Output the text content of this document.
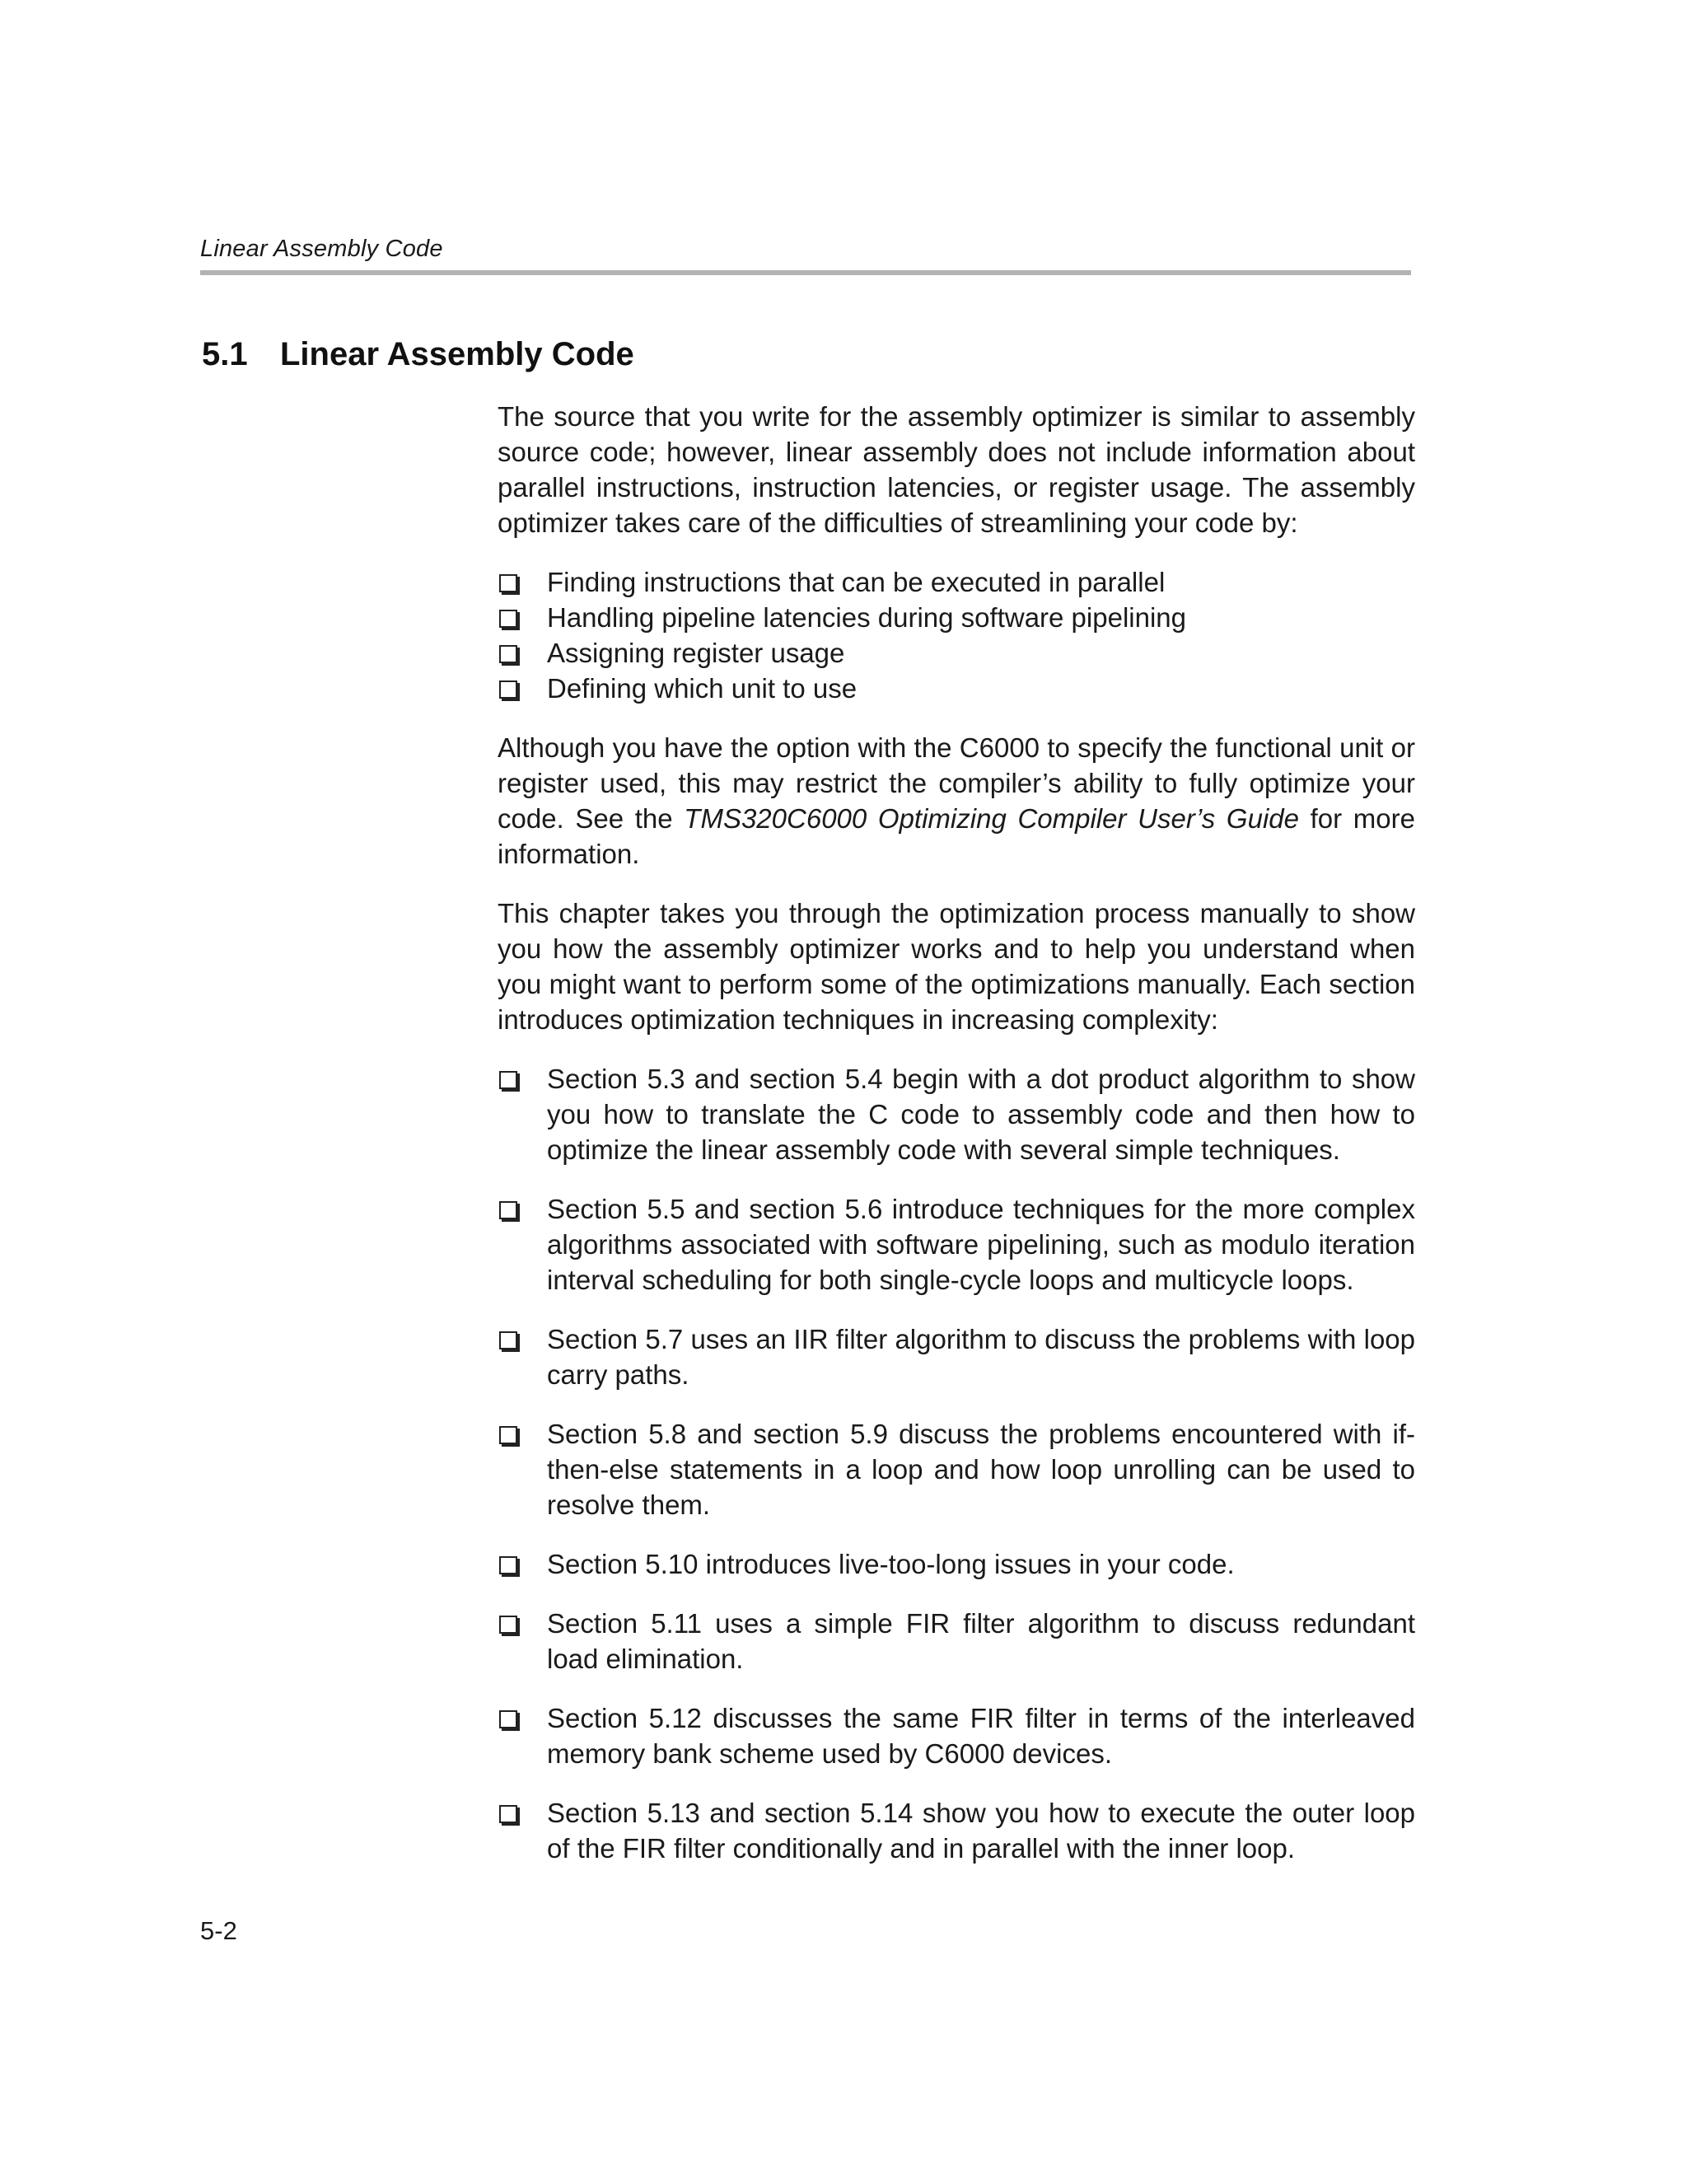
Linear Assembly Code
5.1 Linear Assembly Code

The source that you write for the assembly optimizer is similar to assembly source code; however, linear assembly does not include information about parallel instructions, instruction latencies, or register usage. The assembly optimizer takes care of the difficulties of streamlining your code by:

Finding instructions that can be executed in parallel
Handling pipeline latencies during software pipelining
Assigning register usage
Defining which unit to use

Although you have the option with the C6000 to specify the functional unit or register used, this may restrict the compiler’s ability to fully optimize your code. See the TMS320C6000 Optimizing Compiler User’s Guide for more information.

This chapter takes you through the optimization process manually to show you how the assembly optimizer works and to help you understand when you might want to perform some of the optimizations manually. Each section introduces optimization techniques in increasing complexity:

Section 5.3 and section 5.4 begin with a dot product algorithm to show you how to translate the C code to assembly code and then how to optimize the linear assembly code with several simple techniques.
Section 5.5 and section 5.6 introduce techniques for the more complex algorithms associated with software pipelining, such as modulo iteration interval scheduling for both single-cycle loops and multicycle loops.
Section 5.7 uses an IIR filter algorithm to discuss the problems with loop carry paths.
Section 5.8 and section 5.9 discuss the problems encountered with if-then-else statements in a loop and how loop unrolling can be used to resolve them.
Section 5.10 introduces live-too-long issues in your code.
Section 5.11 uses a simple FIR filter algorithm to discuss redundant load elimination.
Section 5.12 discusses the same FIR filter in terms of the interleaved memory bank scheme used by C6000 devices.
Section 5.13 and section 5.14 show you how to execute the outer loop of the FIR filter conditionally and in parallel with the inner loop.
5-2
